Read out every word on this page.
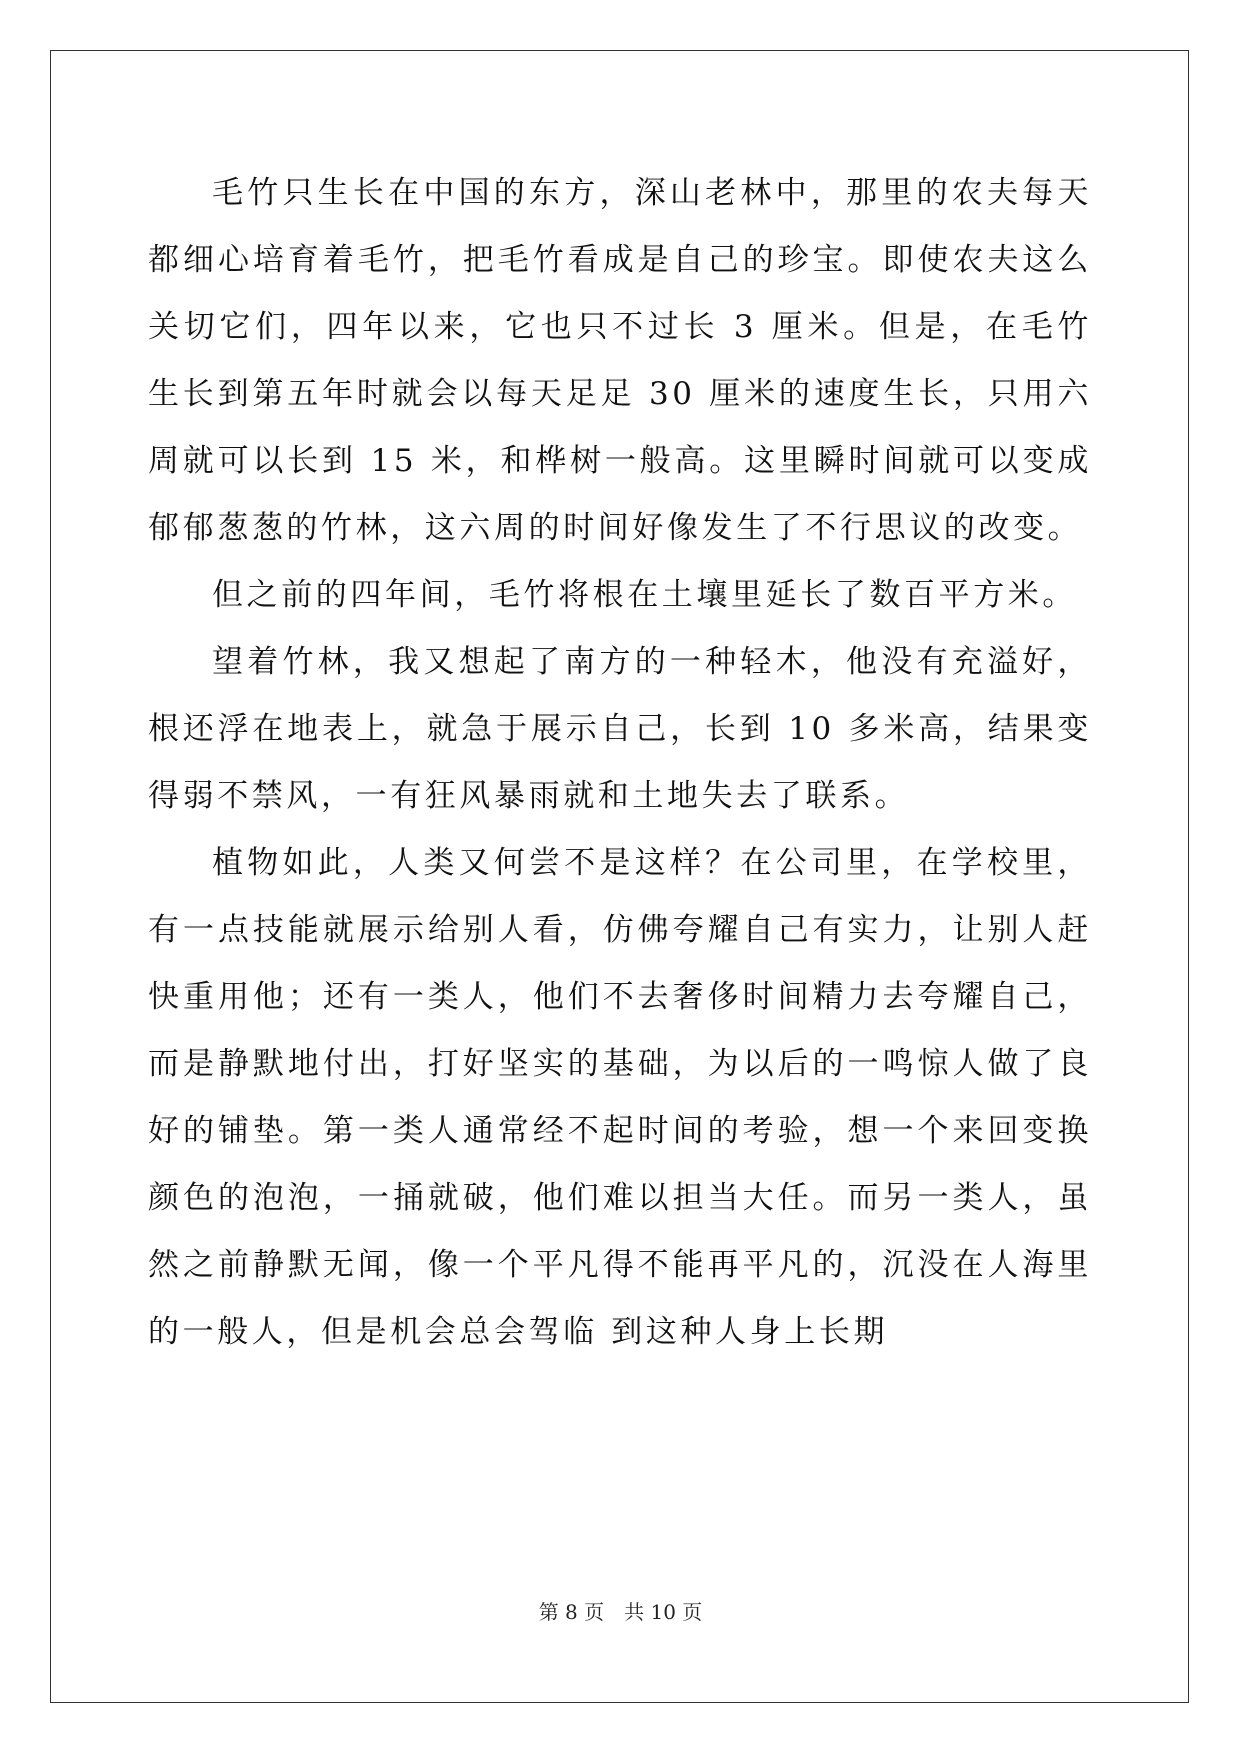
毛竹只生长在中国的东方，深山老林中，那里的农夫每天都细心培育着毛竹，把毛竹看成是自己的珍宝。即使农夫这么关切它们，四年以来，它也只不过长 3 厘米。但是，在毛竹生长到第五年时就会以每天足足 30 厘米的速度生长，只用六周就可以长到 15 米，和桦树一般高。这里瞬时间就可以变成郁郁葱葱的竹林，这六周的时间好像发生了不行思议的改变。

但之前的四年间，毛竹将根在土壤里延长了数百平方米。

望着竹林，我又想起了南方的一种轻木，他没有充溢好，根还浮在地表上，就急于展示自己，长到 10 多米高，结果变得弱不禁风，一有狂风暴雨就和土地失去了联系。

植物如此，人类又何尝不是这样？在公司里，在学校里，有一点技能就展示给别人看，仿佛夸耀自己有实力，让别人赶快重用他；还有一类人，他们不去奢侈时间精力去夸耀自己，而是静默地付出，打好坚实的基础，为以后的一鸣惊人做了良好的铺垫。第一类人通常经不起时间的考验，想一个来回变换颜色的泡泡，一捅就破，他们难以担当大任。而另一类人，虽然之前静默无闻，像一个平凡得不能再平凡的，沉没在人海里的一般人，但是机会总会驾临 到这种人身上长期

第 8 页　共 10 页
